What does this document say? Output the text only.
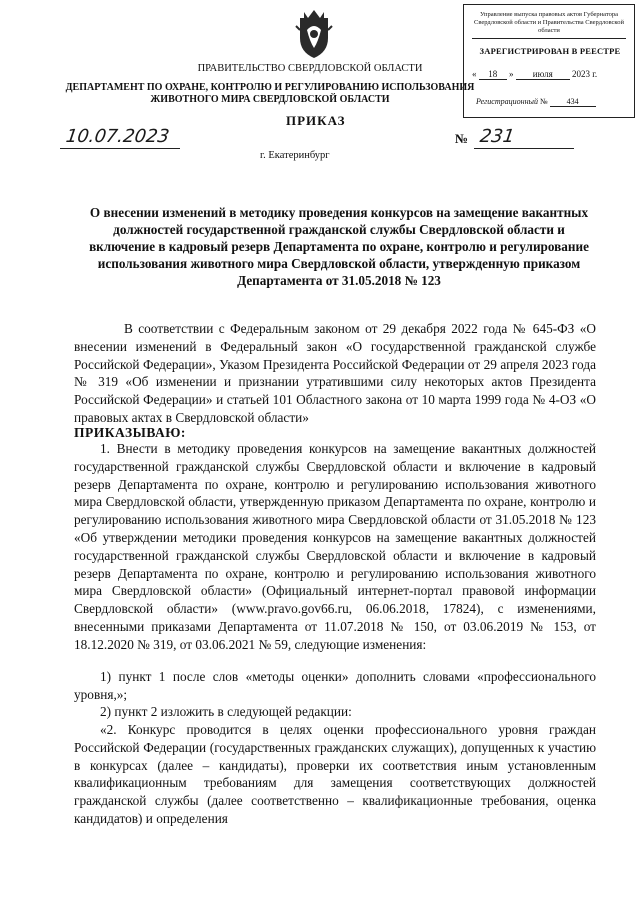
Управление выпуска правовых актов Губернатора Свердловской области и Правительства Свердловской области
ЗАРЕГИСТРИРОВАН В РЕЕСТРЕ
« 18 » июля 2023 г.
Регистрационный № 434
ПРАВИТЕЛЬСТВО СВЕРДЛОВСКОЙ ОБЛАСТИ
ДЕПАРТАМЕНТ ПО ОХРАНЕ, КОНТРОЛЮ И РЕГУЛИРОВАНИЮ ИСПОЛЬЗОВАНИЯ
ЖИВОТНОГО МИРА СВЕРДЛОВСКОЙ ОБЛАСТИ
ПРИКАЗ
10.07.2023	№ 231
г. Екатеринбург
О внесении изменений в методику проведения конкурсов на замещение вакантных должностей государственной гражданской службы Свердловской области и включение в кадровый резерв Департамента по охране, контролю и регулирование использования животного мира Свердловской области, утвержденную приказом Департамента от 31.05.2018 № 123
В соответствии с Федеральным законом от 29 декабря 2022 года № 645-ФЗ «О внесении изменений в Федеральный закон «О государственной гражданской службе Российской Федерации», Указом Президента Российской Федерации от 29 апреля 2023 года № 319 «Об изменении и признании утратившими силу некоторых актов Президента Российской Федерации» и статьей 101 Областного закона от 10 марта 1999 года № 4-ОЗ «О правовых актах в Свердловской области»
ПРИКАЗЫВАЮ:
1. Внести в методику проведения конкурсов на замещение вакантных должностей государственной гражданской службы Свердловской области и включение в кадровый резерв Департамента по охране, контролю и регулированию использования животного мира Свердловской области, утвержденную приказом Департамента по охране, контролю и регулированию использования животного мира Свердловской области от 31.05.2018 № 123 «Об утверждении методики проведения конкурсов на замещение вакантных должностей государственной гражданской службы Свердловской области и включение в кадровый резерв Департамента по охране, контролю и регулированию использования животного мира Свердловской области» (Официальный интернет-портал правовой информации Свердловской области» (www.pravo.gov66.ru, 06.06.2018, 17824), с изменениями, внесенными приказами Департамента от 11.07.2018 № 150, от 03.06.2019 № 153, от 18.12.2020 № 319, от 03.06.2021 № 59, следующие изменения:
1) пункт 1 после слов «методы оценки» дополнить словами «профессионального уровня,»;
2) пункт 2 изложить в следующей редакции:
«2. Конкурс проводится в целях оценки профессионального уровня граждан Российской Федерации (государственных гражданских служащих), допущенных к участию в конкурсах (далее – кандидаты), проверки их соответствия иным установленным квалификационным требованиям для замещения соответствующих должностей гражданской службы (далее соответственно – квалификационные требования, оценка кандидатов) и определения
